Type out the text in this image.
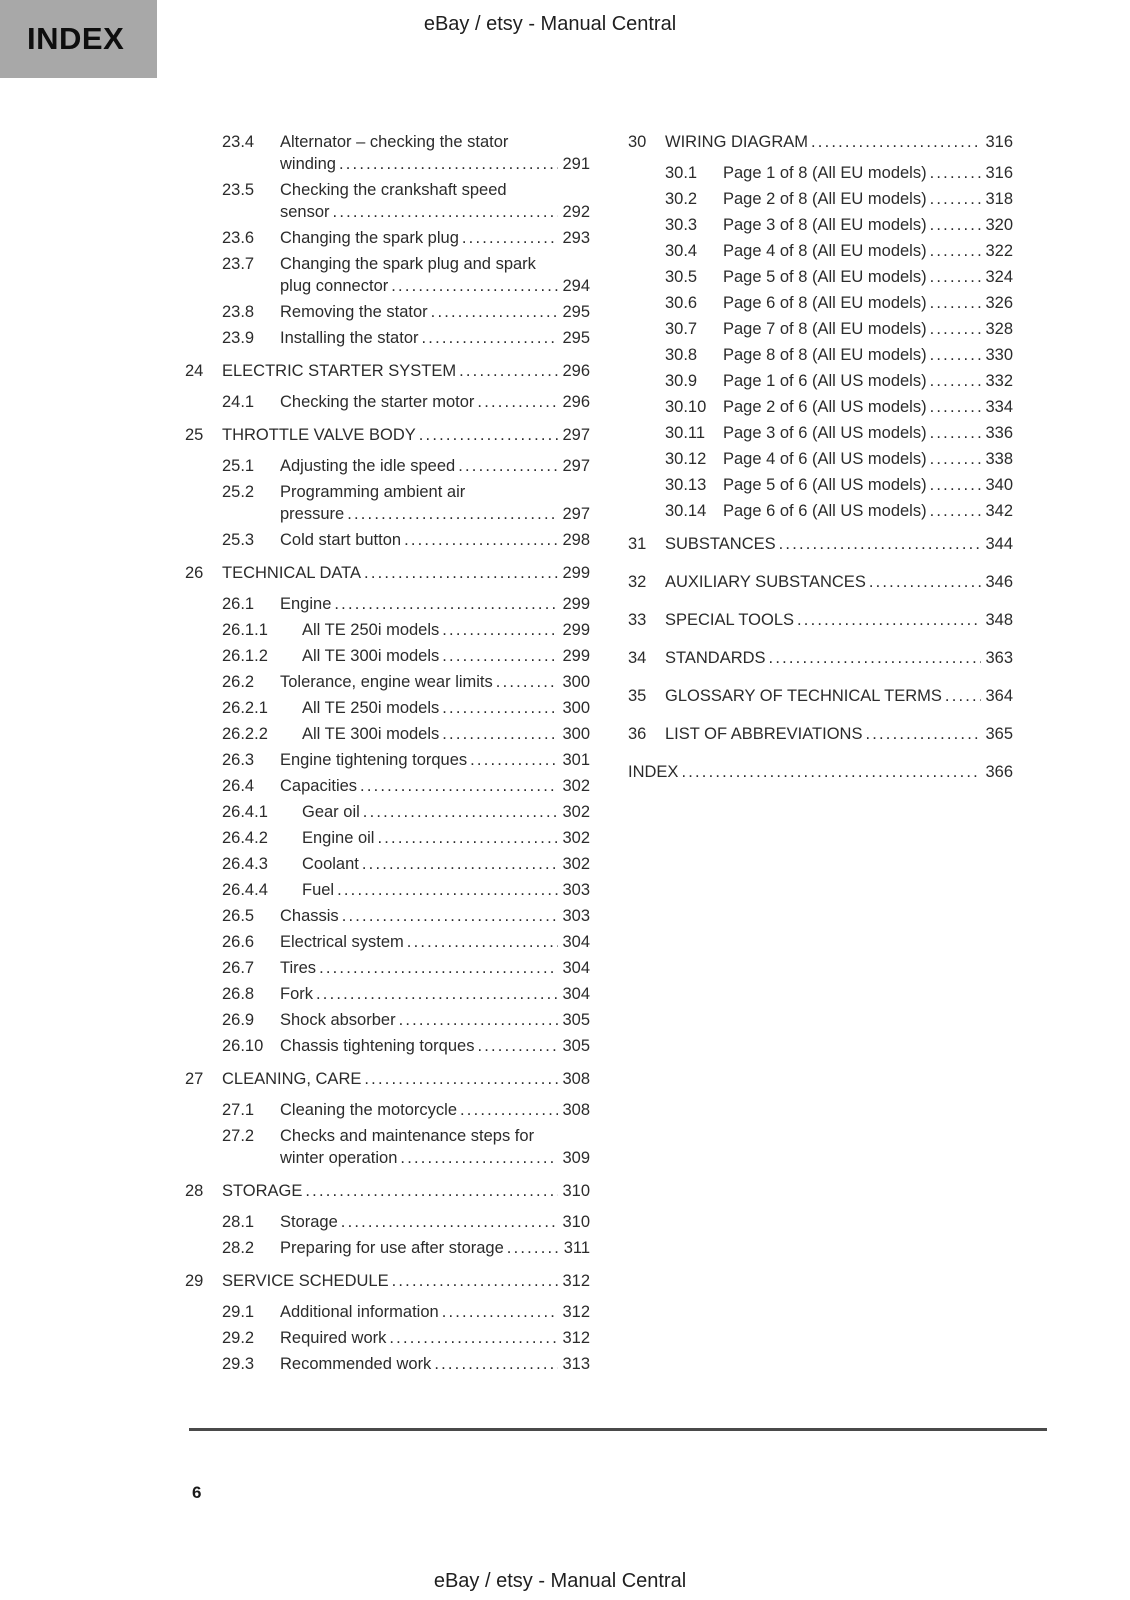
INDEX	eBay / etsy - Manual Central
23.4	Alternator – checking the stator
winding .....	291
23.5	Checking the crankshaft speed
sensor .....	292
23.6	Changing the spark plug .....	293
23.7	Changing the spark plug and spark
plug connector .....	294
23.8	Removing the stator .....	295
23.9	Installing the stator .....	295
24	ELECTRIC STARTER SYSTEM .....	296
24.1	Checking the starter motor .....	296
25	THROTTLE VALVE BODY .....	297
25.1	Adjusting the idle speed .....	297
25.2	Programming ambient air
pressure .....	297
25.3	Cold start button .....	298
26	TECHNICAL DATA .....	299
26.1	Engine .....	299
26.1.1	All TE 250i models .....	299
26.1.2	All TE 300i models .....	299
26.2	Tolerance, engine wear limits .....	300
26.2.1	All TE 250i models .....	300
26.2.2	All TE 300i models .....	300
26.3	Engine tightening torques .....	301
26.4	Capacities .....	302
26.4.1	Gear oil .....	302
26.4.2	Engine oil .....	302
26.4.3	Coolant .....	302
26.4.4	Fuel .....	303
26.5	Chassis .....	303
26.6	Electrical system .....	304
26.7	Tires .....	304
26.8	Fork .....	304
26.9	Shock absorber .....	305
26.10	Chassis tightening torques .....	305
27	CLEANING, CARE .....	308
27.1	Cleaning the motorcycle .....	308
27.2	Checks and maintenance steps for
winter operation .....	309
28	STORAGE .....	310
28.1	Storage .....	310
28.2	Preparing for use after storage .....	311
29	SERVICE SCHEDULE .....	312
29.1	Additional information .....	312
29.2	Required work .....	312
29.3	Recommended work .....	313
30	WIRING DIAGRAM .....	316
30.1	Page 1 of 8 (All EU models) .....	316
30.2	Page 2 of 8 (All EU models) .....	318
30.3	Page 3 of 8 (All EU models) .....	320
30.4	Page 4 of 8 (All EU models) .....	322
30.5	Page 5 of 8 (All EU models) .....	324
30.6	Page 6 of 8 (All EU models) .....	326
30.7	Page 7 of 8 (All EU models) .....	328
30.8	Page 8 of 8 (All EU models) .....	330
30.9	Page 1 of 6 (All US models) .....	332
30.10	Page 2 of 6 (All US models) .....	334
30.11	Page 3 of 6 (All US models) .....	336
30.12	Page 4 of 6 (All US models) .....	338
30.13	Page 5 of 6 (All US models) .....	340
30.14	Page 6 of 6 (All US models) .....	342
31	SUBSTANCES .....	344
32	AUXILIARY SUBSTANCES .....	346
33	SPECIAL TOOLS .....	348
34	STANDARDS .....	363
35	GLOSSARY OF TECHNICAL TERMS .....	364
36	LIST OF ABBREVIATIONS .....	365
INDEX .....	366
6
eBay / etsy - Manual Central
